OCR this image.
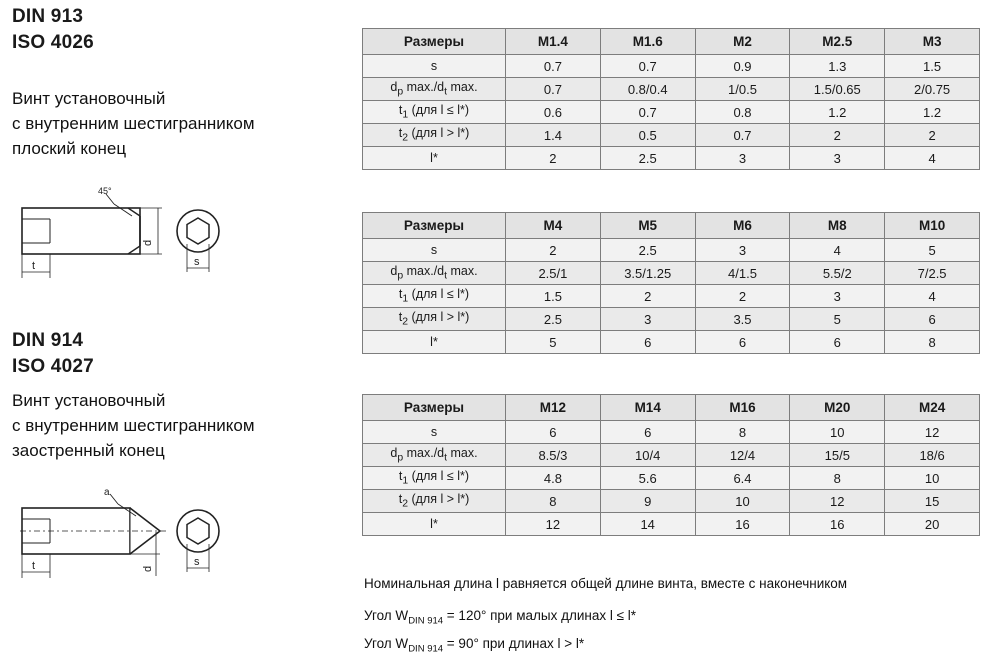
DIN 913
ISO 4026
Винт установочный
с внутренним шестигранником
плоский конец
45°
t
d
s
DIN 914
ISO 4027
Винт установочный
с внутренним шестигранником
заостренный конец
a
t	d
s
Размеры	M1.4	M1.6	M2	M2.5	M3
s	0.7	0.7	0.9	1.3	1.5
$d_p$ $\max./d_t$ max.	0.7	0.8/0.4	1/0.5	1.5/0.65	2/0.75
$t_1$ (для l ≤ l*)	0.6	0.7	0.8	1.2	1.2
$t_2$ (для l > l*)	1.4	0.5	0.7	2	2
l*	2	2.5	3	3	4
Размеры	M4	M5	M6	M8	M10
s	2	2.5	3	4	5
$d_p$ $\max./d_t$ max.	2.5/1	3.5/1.25	4/1.5	5.5/2	7/2.5
$t_1$ (для l ≤ l*)	1.5	2	2	3	4
$t_2$ (для l > l*)	2.5	3	3.5	5	6
l*	5	6	6	6	8
Размеры	M12	M14	M16	M20	M24
s	6	6	8	10	12
$d_p$ $\max./d_t$ max.	8.5/3	10/4	12/4	15/5	18/6
$t_1$ (для l ≤ l*)	4.8	5.6	6.4	8	10
$t_2$ (для l > l*)	8	9	10	12	15
l*	12	14	16	16	20
Номинальная длина l равняется общей длине винта, вместе с наконечником
Угол $W_{DIN 914} = 120^\circ$ при малых длинах l ≤ l*
Угол $W_{DIN 914} = 90^\circ$ при длинах l > l*
